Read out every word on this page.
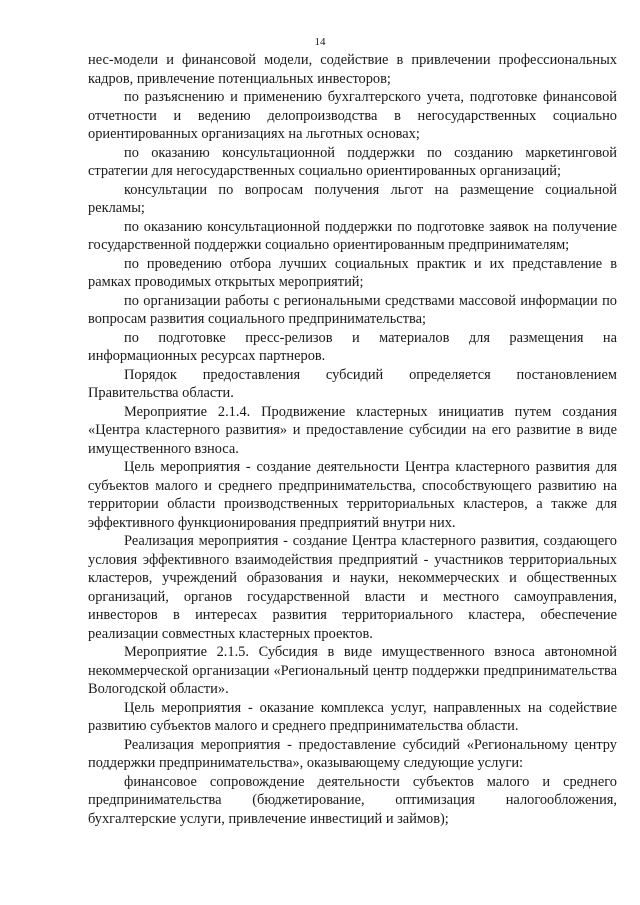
14

нес-модели и финансовой модели, содействие в привлечении профессиональных кадров, привлечение потенциальных инвесторов;

по разъяснению и применению бухгалтерского учета, подготовке финансовой отчетности и ведению делопроизводства в негосударственных социально ориентированных организациях на льготных основах;

по оказанию консультационной поддержки по созданию маркетинговой стратегии для негосударственных социально ориентированных организаций;

консультации по вопросам получения льгот на размещение социальной рекламы;

по оказанию консультационной поддержки по подготовке заявок на получение государственной поддержки социально ориентированным предпринимателям;

по проведению отбора лучших социальных практик и их представление в рамках проводимых открытых мероприятий;

по организации работы с региональными средствами массовой информации по вопросам развития социального предпринимательства;

по подготовке пресс-релизов и материалов для размещения на информационных ресурсах партнеров.

Порядок предоставления субсидий определяется постановлением Правительства области.

Мероприятие 2.1.4. Продвижение кластерных инициатив путем создания «Центра кластерного развития» и предоставление субсидии на его развитие в виде имущественного взноса.

Цель мероприятия - создание деятельности Центра кластерного развития для субъектов малого и среднего предпринимательства, способствующего развитию на территории области производственных территориальных кластеров, а также для эффективного функционирования предприятий внутри них.

Реализация мероприятия - создание Центра кластерного развития, создающего условия эффективного взаимодействия предприятий - участников территориальных кластеров, учреждений образования и науки, некоммерческих и общественных организаций, органов государственной власти и местного самоуправления, инвесторов в интересах развития территориального кластера, обеспечение реализации совместных кластерных проектов.

Мероприятие 2.1.5. Субсидия в виде имущественного взноса автономной некоммерческой организации «Региональный центр поддержки предпринимательства Вологодской области».

Цель мероприятия - оказание комплекса услуг, направленных на содействие развитию субъектов малого и среднего предпринимательства области.

Реализация мероприятия - предоставление субсидий «Региональному центру поддержки предпринимательства», оказывающему следующие услуги:

финансовое сопровождение деятельности субъектов малого и среднего предпринимательства (бюджетирование, оптимизация налогообложения, бухгалтерские услуги, привлечение инвестиций и займов);
